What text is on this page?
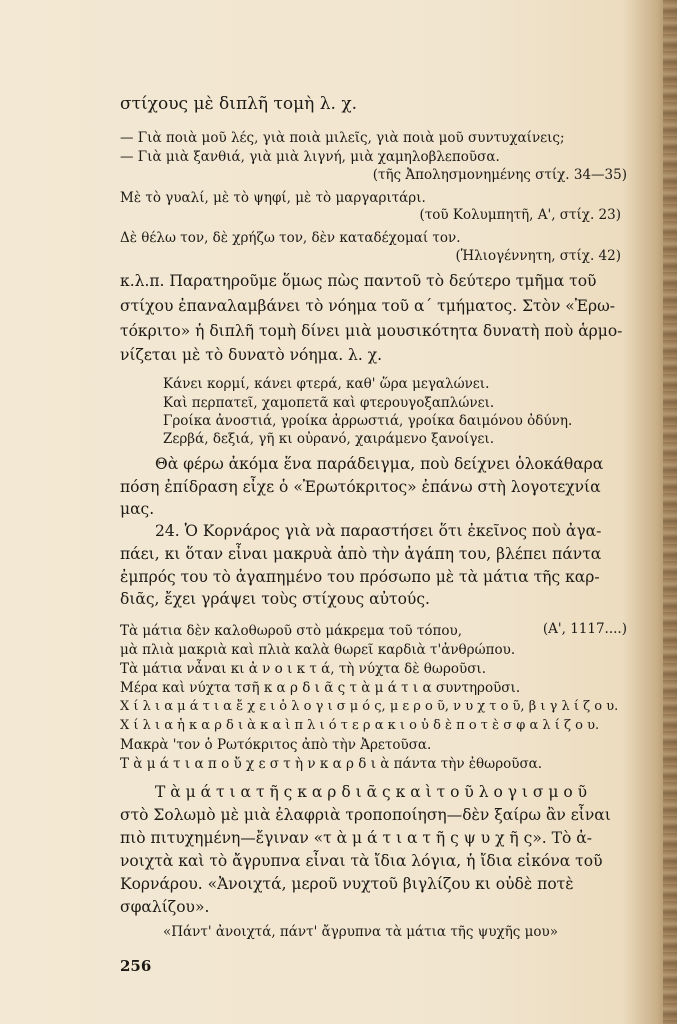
στίχους μὲ διπλῆ τομὴ λ. χ.
— Γιὰ ποιὰ μοῦ λές, γιὰ ποιὰ μιλεῖς, γιὰ ποιὰ μοῦ συντυχαίνεις;
— Γιὰ μιὰ ξανθιά, γιὰ μιὰ λιγνή, μιὰ χαμηλοβλεποῦσα.
(τῆς Ἀπολησμονημένης στίχ. 34—35)
Μὲ τὸ γυαλί, μὲ τὸ ψηφί, μὲ τὸ μαργαριτάρι.
(τοῦ Κολυμπητῆ, Α', στίχ. 23)
Δὲ θέλω τον, δὲ χρήζω τον, δὲν καταδέχομαί τον.
(Ἡλιογέννητη, στίχ. 42)
κ.λ.π. Παρατηροῦμε ὅμως πὼς παντοῦ τὸ δεύτερο τμῆμα τοῦ
στίχου ἐπαναλαμβάνει τὸ νόημα τοῦ α΄ τμήματος. Στὸν «Ἐρω-
τόκριτο» ἡ διπλῆ τομὴ δίνει μιὰ μουσικότητα δυνατὴ ποὺ ἁρμο-
νίζεται μὲ τὸ δυνατὸ νόημα. λ. χ.
Κάνει κορμί, κάνει φτερά, καθ' ὥρα μεγαλώνει.
Καὶ περπατεῖ, χαμοπετᾶ καὶ φτερουγοξαπλώνει.
Γροίκα ἀνοστιά, γροίκα ἀρρωστιά, γροίκα δαιμόνου ὀδύνη.
Ζερβά, δεξιά, γῆ κι οὐρανό, χαιράμενο ξανοίγει.
Θὰ φέρω ἀκόμα ἕνα παράδειγμα, ποὺ δείχνει ὁλοκάθαρα
πόση ἐπίδραση εἶχε ὁ «Ἐρωτόκριτος» ἐπάνω στὴ λογοτεχνία
μας.
24. Ὁ Κορνάρος γιὰ νὰ παραστήσει ὅτι ἐκεῖνος ποὺ ἀγα-
πάει, κι ὅταν εἶναι μακρυὰ ἀπὸ τὴν ἀγάπη του, βλέπει πάντα
ἐμπρός του τὸ ἀγαπημένο του πρόσωπο μὲ τὰ μάτια τῆς καρ-
διᾶς, ἔχει γράψει τοὺς στίχους αὐτούς.
Τὰ μάτια δὲν καλοθωροῦ στὸ μάκρεμα τοῦ τόπου,	(Α', 1117....)
μὰ πλιὰ μακριὰ καὶ πλιὰ καλὰ θωρεῖ καρδιὰ τ'ἀνθρώπου.
Τὰ μάτια νἆναι κι ἀ ν ο ι κ τ ά, τὴ νύχτα δὲ θωροῦσι.
Μέρα καὶ νύχτα τσῆ κ α ρ δ ι ᾶ ς τ ὰ μ ά τ ι α συντηροῦσι.
Χ ί λ ι α μ ά τ ι α ἔ χ ε ι ὁ λ ο γ ι σ μ ό ς, μ ε ρ ο ῦ, ν υ χ τ ο ῦ, β ι γ λ ί ζ ο υ.
Χ ί λ ι α ἡ κ α ρ δ ι ὰ κ α ὶ π λ ι ό τ ε ρ α κ ι ο ὐ δ ὲ π ο τ ὲ σ φ α λ ί ζ ο υ.
Μακρὰ 'τον ὁ Ρωτόκριτος ἀπὸ τὴν Ἀρετοῦσα.
Τ ὰ μ ά τ ι α π ο ὔ χ ε σ τ ὴ ν κ α ρ δ ι ὰ πάντα τὴν ἐθωροῦσα.
Τ ὰ μ ά τ ι α τ ῆ ς κ α ρ δ ι ᾶ ς κ α ὶ τ ο ῦ λ ο γ ι σ μ ο ῦ
στὸ Σολωμὸ μὲ μιὰ ἐλαφριὰ τροποποίηση—δὲν ξαίρω ἂν εἶναι
πιὸ πιτυχημένη—ἔγιναν «τ ὰ μ ά τ ι α τ ῆ ς ψ υ χ ῆ ς». Τὸ ἀ-
νοιχτὰ καὶ τὸ ἄγρυπνα εἶναι τὰ ἴδια λόγια, ἡ ἴδια εἰκόνα τοῦ
Κορνάρου. «Ἀνοιχτά, μεροῦ νυχτοῦ βιγλίζου κι οὐδὲ ποτὲ
σφαλίζου».
«Πάντ' ἀνοιχτά, πάντ' ἄγρυπνα τὰ μάτια τῆς ψυχῆς μου»
256
